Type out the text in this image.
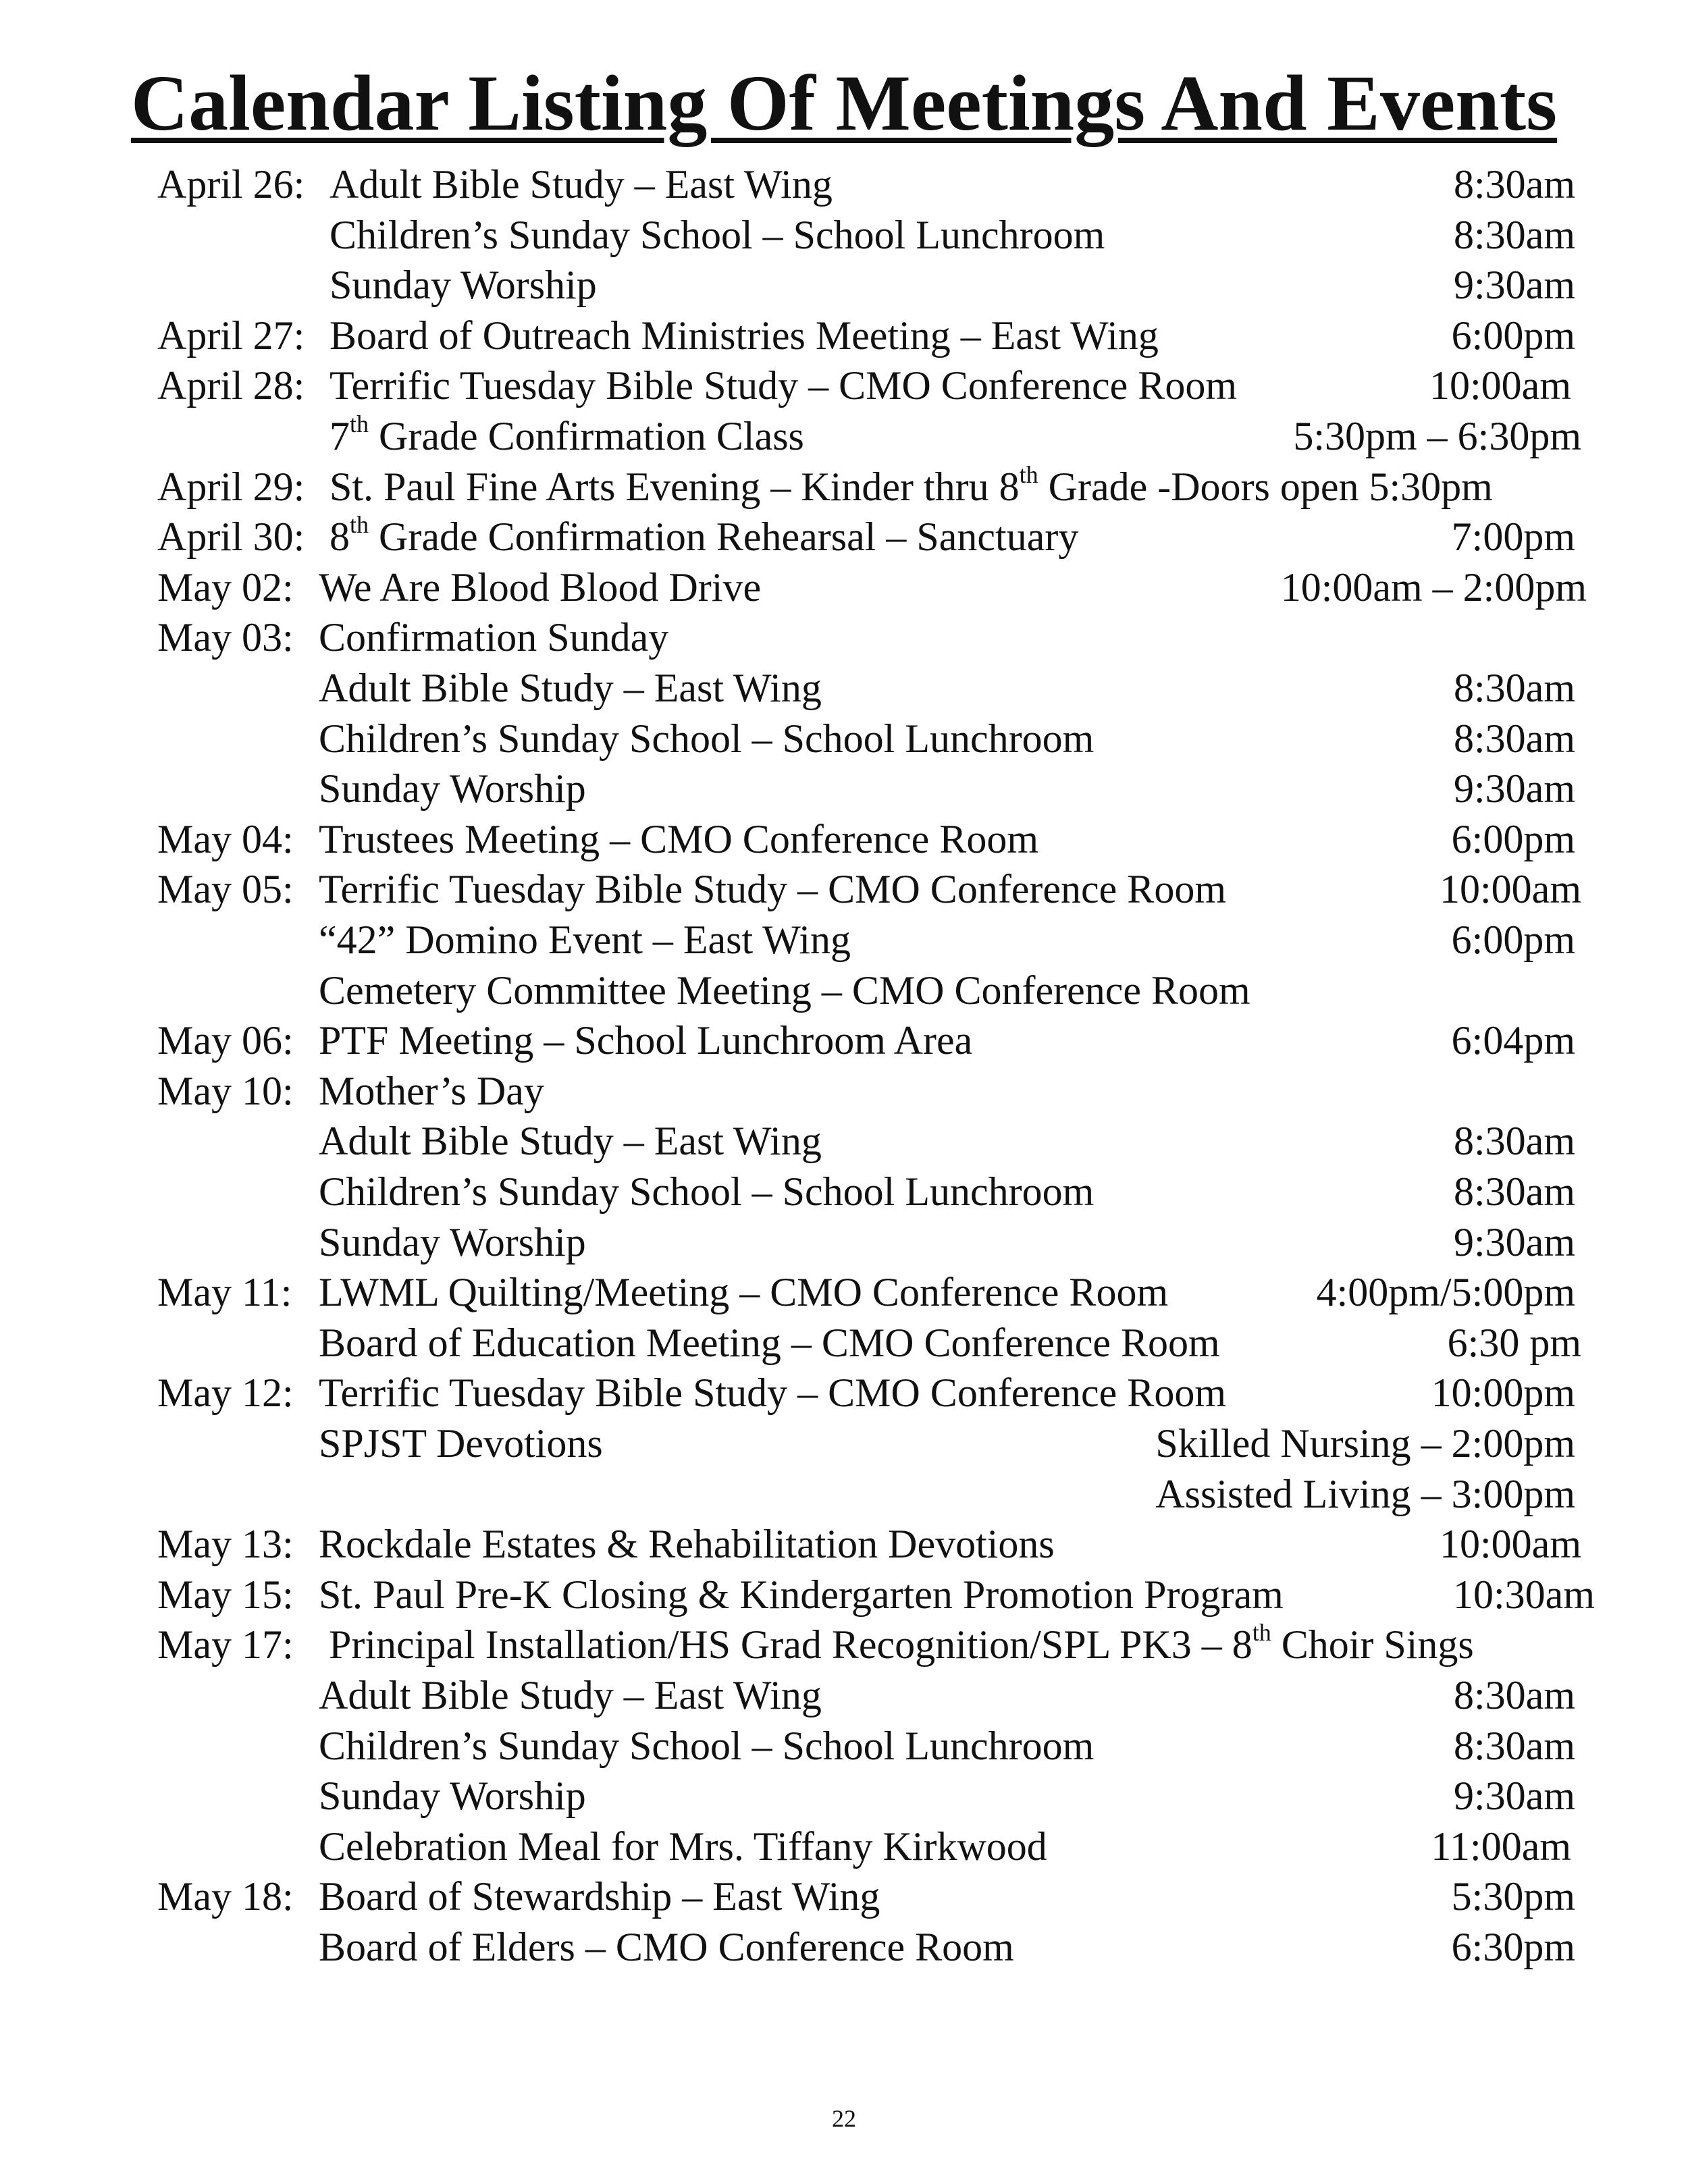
Calendar Listing Of Meetings And Events
April 26: Adult Bible Study – East Wing	8:30am
Children’s Sunday School – School Lunchroom	8:30am
Sunday Worship	9:30am
April 27: Board of Outreach Ministries Meeting – East Wing	6:00pm
April 28: Terrific Tuesday Bible Study – CMO Conference Room	10:00am
7th Grade Confirmation Class	5:30pm – 6:30pm
April 29: St. Paul Fine Arts Evening – Kinder thru 8th Grade -Doors open 5:30pm
April 30: 8th Grade Confirmation Rehearsal – Sanctuary	7:00pm
May 02: We Are Blood Blood Drive	10:00am – 2:00pm
May 03: Confirmation Sunday
Adult Bible Study – East Wing	8:30am
Children’s Sunday School – School Lunchroom	8:30am
Sunday Worship	9:30am
May 04: Trustees Meeting – CMO Conference Room	6:00pm
May 05: Terrific Tuesday Bible Study – CMO Conference Room	10:00am
“42” Domino Event – East Wing	6:00pm
Cemetery Committee Meeting – CMO Conference Room
May 06: PTF Meeting – School Lunchroom Area	6:04pm
May 10: Mother’s Day
Adult Bible Study – East Wing	8:30am
Children’s Sunday School – School Lunchroom	8:30am
Sunday Worship	9:30am
May 11: LWML Quilting/Meeting – CMO Conference Room	4:00pm/5:00pm
Board of Education Meeting – CMO Conference Room	6:30 pm
May 12: Terrific Tuesday Bible Study – CMO Conference Room	10:00pm
SPJST Devotions	Skilled Nursing – 2:00pm
Assisted Living – 3:00pm
May 13: Rockdale Estates & Rehabilitation Devotions	10:00am
May 15: St. Paul Pre-K Closing & Kindergarten Promotion Program	10:30am
May 17: Principal Installation/HS Grad Recognition/SPL PK3 – 8th Choir Sings
Adult Bible Study – East Wing	8:30am
Children’s Sunday School – School Lunchroom	8:30am
Sunday Worship	9:30am
Celebration Meal for Mrs. Tiffany Kirkwood	11:00am
May 18: Board of Stewardship – East Wing	5:30pm
Board of Elders – CMO Conference Room	6:30pm
22
